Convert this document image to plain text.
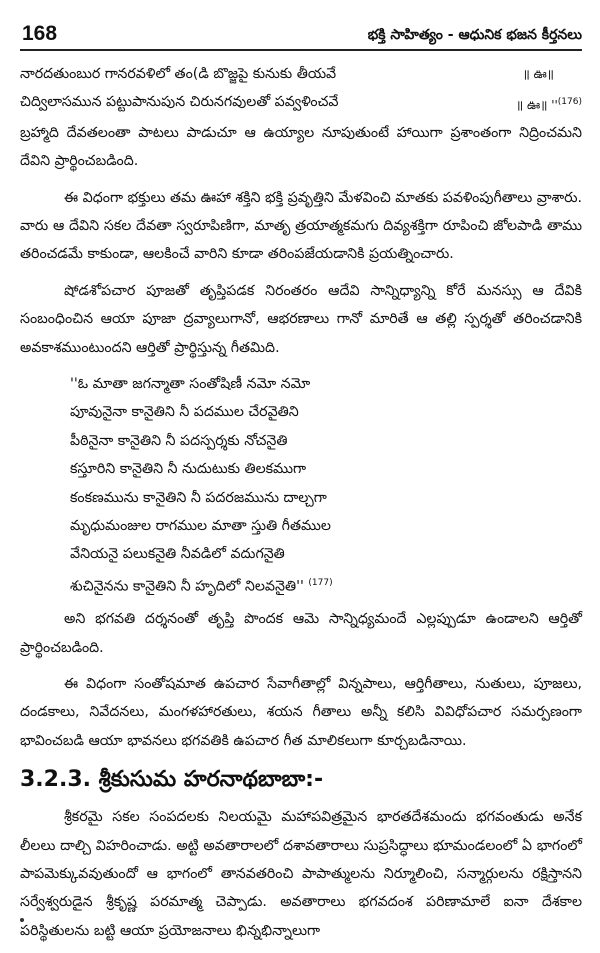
168	భక్తి సాహిత్యం - ఆధునిక భజన కీర్తనలు
నారదతుంబుర గానరవళిలో తం(డి బొజ్జపై కునుకు తీయవే	॥ ఊ॥
చిద్విలాసమున పట్టుపానుపున చిరునగవులతో పవ్వళించవే	॥ ఊ॥ ''$^{(176)}$

బ్రహ్మాది దేవతలంతా పాటలు పాడుచూ ఆ ఉయ్యాల నూపుతుంటే హాయిగా ప్రశాంతంగా నిద్రించమని దేవిని ప్రార్థించబడింది.

ఈ విధంగా భక్తులు తమ ఊహా శక్తిని భక్తి ప్రవృత్తిని మేళవించి మాతకు పవళింపుగీతాలు వ్రాశారు. వారు ఆ దేవిని సకల దేవతా స్వరూపిణిగా, మాతృ త్రయాత్మకమగు దివ్యశక్తిగా రూపించి జోలపాడి తాము తరించడమే కాకుండా, ఆలకించే వారిని కూడా తరింపజేయడానికి ప్రయత్నించారు.

షోడశోపచార పూజతో తృప్తిపడక నిరంతరం ఆదేవి సాన్నిధ్యాన్ని కోరే మనస్సు ఆ దేవికి సంబంధించిన ఆయా పూజా ద్రవ్యాలుగానో, ఆభరణాలు గానో మారితే ఆ తల్లి స్పర్శతో తరించడానికి అవకాశముంటుందని ఆర్తితో ప్రార్థిస్తున్న గీతమిది.

''ఓ మాతా జగన్మాతా సంతోషిణీ నమో నమో
పూవునైనా కానైతిని నీ పదముల చేరవైతిని
పీఠినైనా కానైతిని నీ పదస్పర్శకు నోచనైతి
కస్తూరిని కానైతిని నీ నుదుటుకు తిలకముగా
కంకణమును కానైతిని నీ పదరజమును దాల్చగా
మృధుమంజుల రాగముల మాతా స్తుతి గీతముల
వేనియనై పలుకనైతి నీవడిలో వదుగనైతి
శుచినైనను కానైతిని నీ హృదిలో నిలవనైతి'' $^{(177)}$

అని భగవతి దర్శనంతో తృప్తి పొందక ఆమె సాన్నిధ్యమందే ఎల్లప్పుడూ ఉండాలని ఆర్తితో ప్రార్థించబడింది.

ఈ విధంగా సంతోషమాత ఉపచార సేవాగీతాల్లో విన్నపాలు, ఆర్తిగీతాలు, నుతులు, పూజలు, దండకాలు, నివేదనలు, మంగళహారతులు, శయన గీతాలు అన్నీ కలిసి వివిధోపచార సమర్పణంగా భావించబడి ఆయా భావనలు భగవతికి ఉపచార గీత మాలికలుగా కూర్చబడినాయి.

3.2.3. శ్రీకుసుమ హరనాథబాబా:-

శ్రీకరమై సకల సంపదలకు నిలయమై మహాపవిత్రమైన భారతదేశమందు భగవంతుడు అనేక లీలలు దాల్చి విహరించాడు. అట్టి అవతారాలలో దశావతారాలు సుప్రసిద్ధాలు భూమండలంలో ఏ భాగంలో పాపమెక్కువవుతుందో ఆ భాగంలో తానవతరించి పాపాత్ములను నిర్మూలించి, సన్మార్గులను రక్షిస్తానని సర్వేశ్వరుడైన శ్రీకృష్ణ పరమాత్మ చెప్పాడు. అవతారాలు భగవదంశ పరిణామాలే ఐనా దేశకాల పరిస్థితులను బట్టి ఆయా ప్రయోజనాలు భిన్నభిన్నాలుగా
